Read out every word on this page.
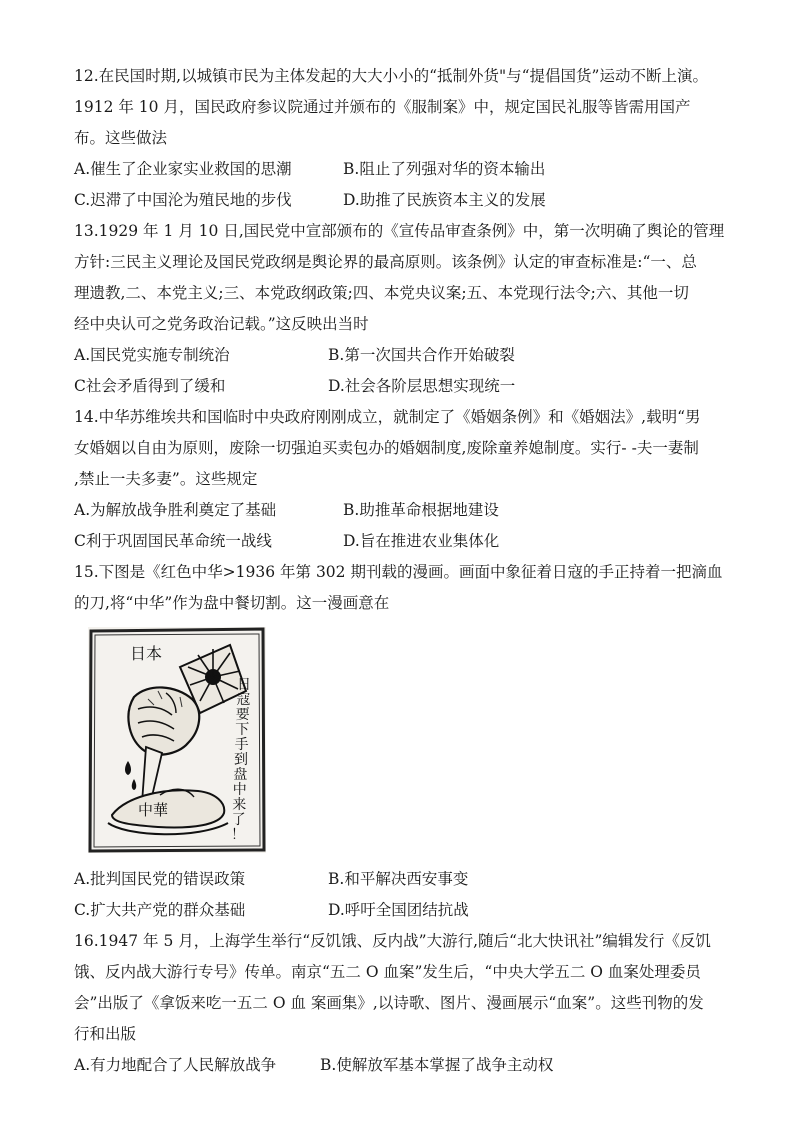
12.在民国时期,以城镇市民为主体发起的大大小小的“抵制外货"与“提倡国货”运动不断上演。
1912 年 10 月，国民政府参议院通过并颁布的《服制案》中，规定国民礼服等皆需用国产
布。这些做法
A.催生了企业家实业救国的思潮	B.阻止了列强对华的资本输出
C.迟滞了中国沦为殖民地的步伐	D.助推了民族资本主义的发展
13.1929 年 1 月 10 日,国民党中宣部颁布的《宣传品审查条例》中，第一次明确了舆论的管理
方针:三民主义理论及国民党政纲是舆论界的最高原则。该条例》认定的审查标准是:“一、总
理遗教,二、本党主义;三、本党政纲政策;四、本党央议案;五、本党现行法令;六、其他一切
经中央认可之党务政治记载。”这反映出当时
A.国民党实施专制统治	B.第一次国共合作开始破裂
C社会矛盾得到了缓和	D.社会各阶层思想实现统一
14.中华苏维埃共和国临时中央政府刚刚成立，就制定了《婚姻条例》和《婚姻法》,载明“男
女婚姻以自由为原则，废除一切强迫买卖包办的婚姻制度,废除童养媳制度。实行- -夫一妻制
,禁止一夫多妻”。这些规定
A.为解放战争胜利奠定了基础	B.助推革命根据地建设
C利于巩固国民革命统一战线	D.旨在推进农业集体化
15.下图是《红色中华>1936 年第 302 期刊载的漫画。画面中象征着日寇的手正持着一把滴血
的刀,将“中华”作为盘中餐切割。这一漫画意在
日本
中華
日
寇
要
下
手
到
盘
中
来
了
！
A.批判国民党的错误政策	B.和平解决西安事变
C.扩大共产党的群众基础	D.呼吁全国团结抗战
16.1947 年 5 月，上海学生举行“反饥饿、反内战”大游行,随后“北大快讯社”编辑发行《反饥
饿、反内战大游行专号》传单。南京“五二 O 血案”发生后，“中央大学五二 O 血案处理委员
会”出版了《拿饭来吃一五二 O 血 案画集》,以诗歌、图片、漫画展示“血案”。这些刊物的发
行和出版
A.有力地配合了人民解放战争	B.使解放军基本掌握了战争主动权
